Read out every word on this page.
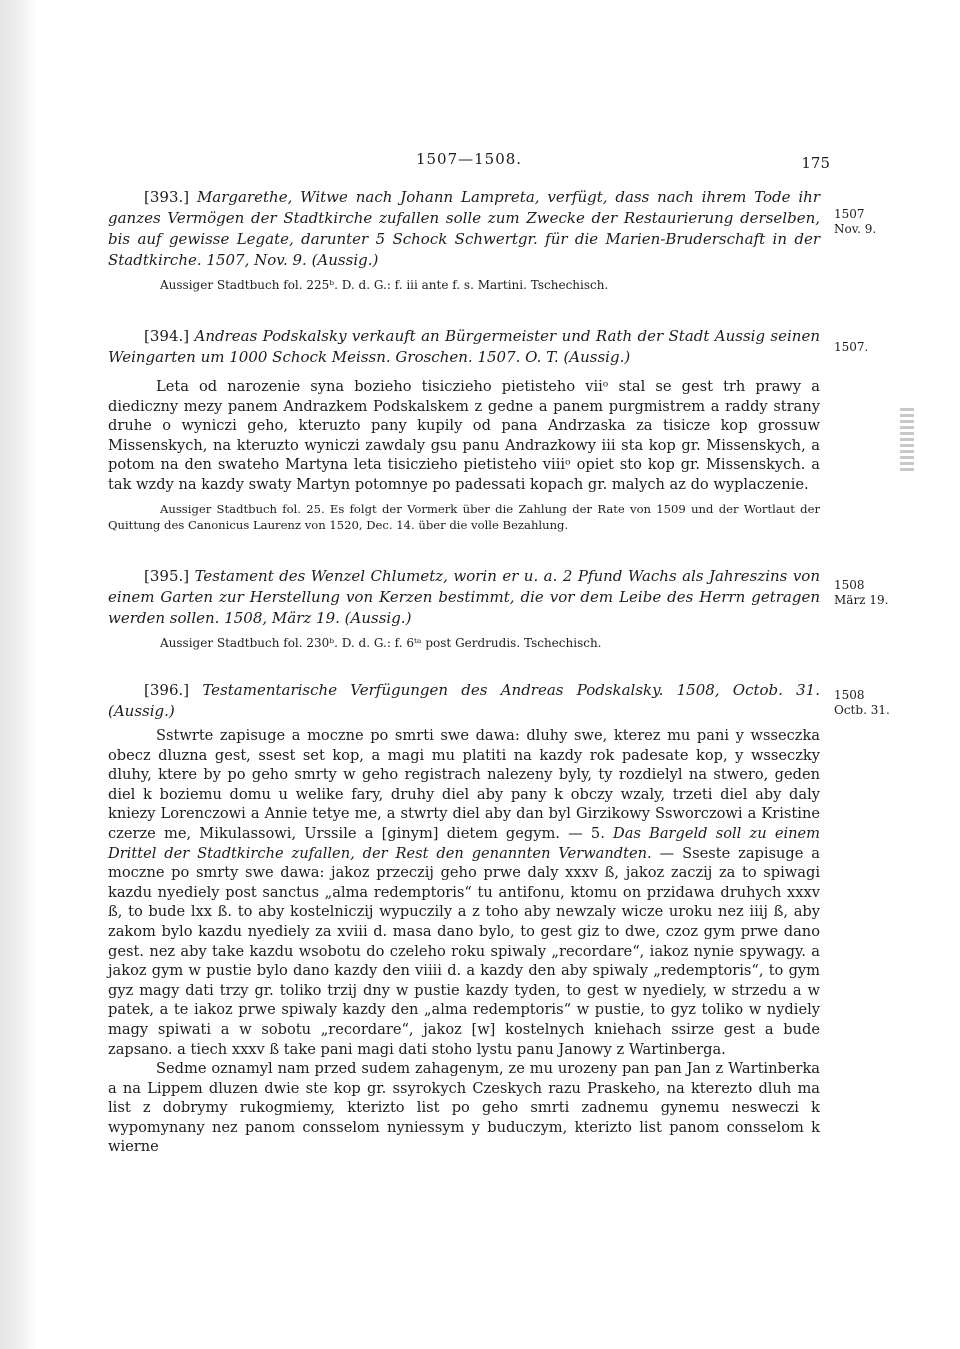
1507—1508.	175

[393.] Margarethe, Witwe nach Johann Lampreta, verfügt, dass nach ihrem Tode ihr ganzes Vermögen der Stadtkirche zufallen solle zum Zwecke der Restaurierung derselben, bis auf gewisse Legate, darunter 5 Schock Schwertgr. für die Marien-Bruderschaft in der Stadtkirche. 1507, Nov. 9. (Aussig.)

Aussiger Stadtbuch fol. 225ᵇ. D. d. G.: f. iii ante f. s. Martini. Tschechisch.
1507
Nov. 9.

[394.] Andreas Podskalsky verkauft an Bürgermeister und Rath der Stadt Aussig seinen Weingarten um 1000 Schock Meissn. Groschen. 1507. O. T. (Aussig.)

Leta od narozenie syna bozieho tisicziehо pietisteho viiᵒ stal se gest trh prawy a diediczny mezy panem Andrazkem Podskalskem z gedne a panem purgmistrem a raddy strany druhe o wyniczi geho, kteruzto pany kupily od pana Andrzaska za tisicze kop grossuw Missenskych, na kteruzto wyniczi zawdaly gsu panu Andrazkowy iii sta kop gr. Missenskych, a potom na den swateho Martyna leta tisicziehо pietisteho viiiᵒ opiet sto kop gr. Missenskych. a tak wzdy na kazdy swaty Martyn potomnye po padessati kopach gr. malych az do wyplaczenie.

Aussiger Stadtbuch fol. 25. Es folgt der Vormerk über die Zahlung der Rate von 1509 und der Wortlaut der Quittung des Canonicus Laurenz von 1520, Dec. 14. über die volle Bezahlung.

1507.

[395.] Testament des Wenzel Chlumetz, worin er u. a. 2 Pfund Wachs als Jahreszins von einem Garten zur Herstellung von Kerzen bestimmt, die vor dem Leibe des Herrn getragen werden sollen. 1508, März 19. (Aussig.)

Aussiger Stadtbuch fol. 230ᵇ. D. d. G.: f. 6ᵗᵃ post Gerdrudis. Tschechisch.
1508
März 19.

[396.] Testamentarische Verfügungen des Andreas Podskalsky. 1508, Octob. 31. (Aussig.)

Sstwrte zapisuge a moczne po smrti swe dawa: dluhy swe, kterez mu pani y wsseczka obecz dluzna gest, ssest set kop, a magi mu platiti na kazdy rok padesate kop, y wsseczky dluhy, ktere by po geho smrty w geho registrach nalezeny byly, ty rozdielyl na stwero, geden diel k boziemu domu u welike fary, druhy diel aby pany k obczy wzaly, trzeti diel aby daly kniezy Lorenczowi a Annie tetye me, a stwrty diel aby dan byl Girzikowy Ssworczowi a Kristine czerze me, Mikulassowi, Urssile a [ginym] dietem gegym. — 5. Das Bargeld soll zu einem Drittel der Stadtkirche zufallen, der Rest den genannten Verwandten. — Sseste zapisuge a moczne po smrty swe dawa: jakoz przeczij geho prwe daly xxxv ß, jakoz zaczij za to spiwagi kazdu nyediely post sanctus „alma redemptoris“ tu antifonu, ktomu on przidawa druhych xxxv ß, to bude lxx ß. to aby kostelniczij wypuczily a z toho aby newzaly wicze uroku nez iiij ß, aby zakom bylo kazdu nyediely za xviii d. masa dano bylo, to gest giz to dwe, czoz gym prwe dano gest. nez aby take kazdu wsobotu do czeleho roku spiwaly „recordare“, iakoz nynie spywagy. a jakoz gym w pustie bylo dano kazdy den viiii d. a kazdy den aby spiwaly „redemptoris“, to gym gyz magy dati trzy gr. toliko trzij dny w pustie kazdy tyden, to gest w nyediely, w strzedu a w patek, a te iakoz prwe spiwaly kazdy den „alma redemptoris“ w pustie, to gyz toliko w nydiely magy spiwati a w sobotu „recordare“, jakoz [w] kostelnych kniehach ssirze gest a bude zapsano. a tiech xxxv ß take pani magi dati stoho lystu panu Janowy z Wartinberga.

Sedme oznamyl nam przed sudem zahagenym, ze mu urozeny pan pan Jan z Wartinberka a na Lippem dluzen dwie ste kop gr. ssyrokych Czeskych razu Praskeho, na kterezto dluh ma list z dobrymy rukogmiemy, kterizto list po geho smrti zadnemu gynemu nesweczi k wypomynany nez panom consselom nyniessym y buduczym, kterizto list panom consselom k wierne

1508
Octb. 31.
